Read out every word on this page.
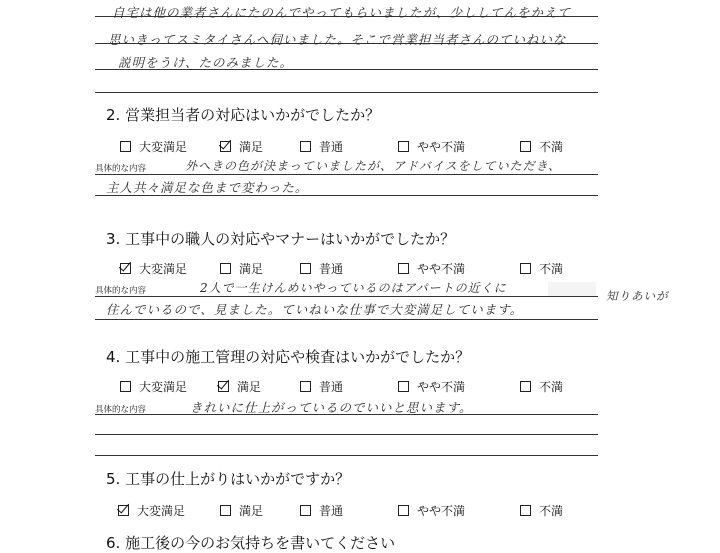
自宅は他の業者さんにたのんでやってもらいましたが、少ししてんをかえて
思いきってスミタイさんへ伺いました。そこで営業担当者さんのていねいな
説明をうけ、たのみました。
2. 営業担当者の対応はいかがでしたか？
大変満足	満足	普通	やや不満	不満
具体的な内容	外へきの色が決まっていましたが、アドバイスをしていただき、
主人共々満足な色まで変わった。
3. 工事中の職人の対応やマナーはいかがでしたか？
大変満足	満足	普通	やや不満	不満
具体的な内容	2人で一生けんめいやっているのはアパートの近くに
知りあいが
住んでいるので、見ました。ていねいな仕事で大変満足しています。
4. 工事中の施工管理の対応や検査はいかがでしたか？
大変満足	満足	普通	やや不満	不満
具体的な内容	きれいに仕上がっているのでいいと思います。
5. 工事の仕上がりはいかがですか？
大変満足	満足	普通	やや不満	不満
6. 施工後の今のお気持ちを書いてください
